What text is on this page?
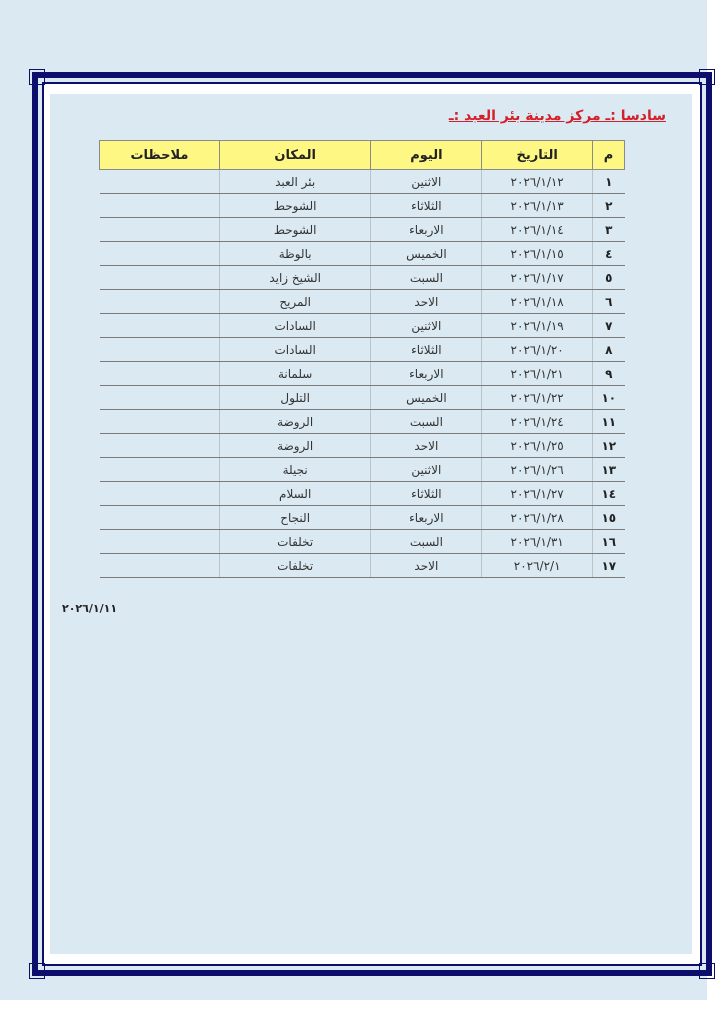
سادسا :ـ مركز مدينة بئر العبد :ـ
م	التاريخ	اليوم	المكان	ملاحظات
١	٢٠٢٦/١/١٢	الاثنين	بئر العبد	
٢	٢٠٢٦/١/١٣	الثلاثاء	الشوحط	
٣	٢٠٢٦/١/١٤	الاربعاء	الشوحط	
٤	٢٠٢٦/١/١٥	الخميس	بالوظة	
٥	٢٠٢٦/١/١٧	السبت	الشيخ زايد	
٦	٢٠٢٦/١/١٨	الاحد	المريح	
٧	٢٠٢٦/١/١٩	الاثنين	السادات	
٨	٢٠٢٦/١/٢٠	الثلاثاء	السادات	
٩	٢٠٢٦/١/٢١	الاربعاء	سلمانة	
١٠	٢٠٢٦/١/٢٢	الخميس	التلول	
١١	٢٠٢٦/١/٢٤	السبت	الروضة	
١٢	٢٠٢٦/١/٢٥	الاحد	الروضة	
١٣	٢٠٢٦/١/٢٦	الاثنين	نجيلة	
١٤	٢٠٢٦/١/٢٧	الثلاثاء	السلام	
١٥	٢٠٢٦/١/٢٨	الاربعاء	النجاح	
١٦	٢٠٢٦/١/٣١	السبت	تخلفات	
١٧	٢٠٢٦/٢/١	الاحد	تخلفات	
٢٠٢٦/١/١١
